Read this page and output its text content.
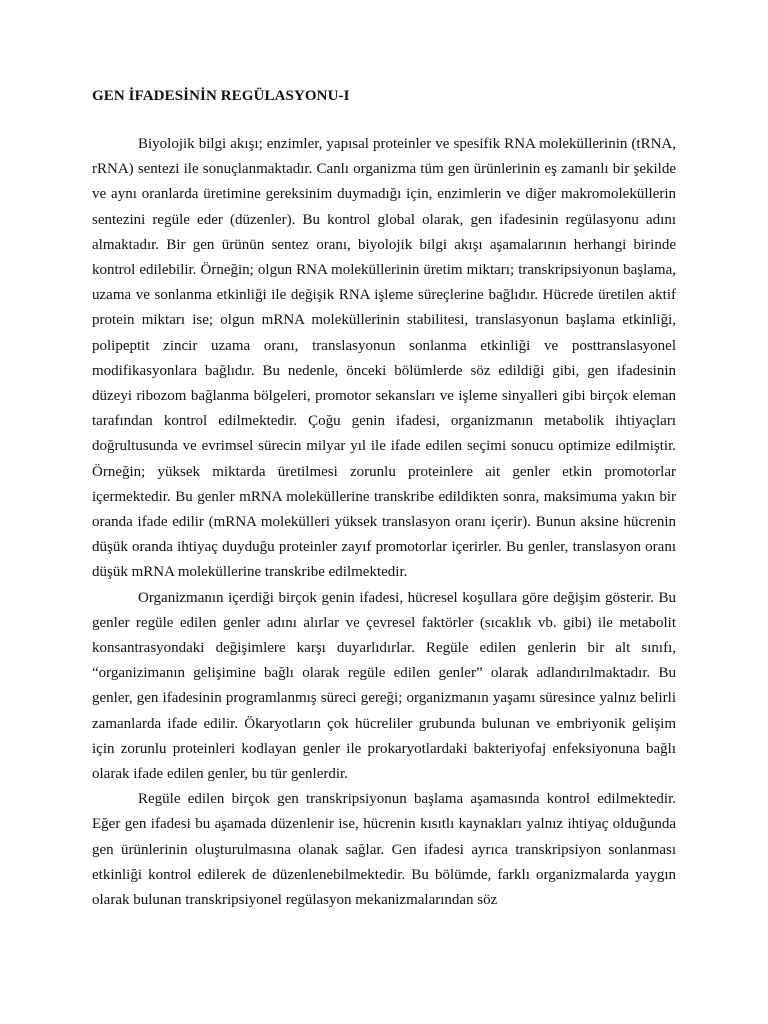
GEN İFADESİNİN REGÜLASYONU-I

Biyolojik bilgi akışı; enzimler, yapısal proteinler ve spesifik RNA moleküllerinin (tRNA, rRNA) sentezi ile sonuçlanmaktadır. Canlı organizma tüm gen ürünlerinin eş zamanlı bir şekilde ve aynı oranlarda üretimine gereksinim duymadığı için, enzimlerin ve diğer makromoleküllerin sentezini regüle eder (düzenler). Bu kontrol global olarak, gen ifadesinin regülasyonu adını almaktadır. Bir gen ürünün sentez oranı, biyolojik bilgi akışı aşamalarının herhangi birinde kontrol edilebilir. Örneğin; olgun RNA moleküllerinin üretim miktarı; transkripsiyonun başlama, uzama ve sonlanma etkinliği ile değişik RNA işleme süreçlerine bağlıdır. Hücrede üretilen aktif protein miktarı ise; olgun mRNA moleküllerinin stabilitesi, translasyonun başlama etkinliği, polipeptit zincir uzama oranı, translasyonun sonlanma etkinliği ve posttranslasyonel modifikasyonlara bağlıdır. Bu nedenle, önceki bölümlerde söz edildiği gibi, gen ifadesinin düzeyi ribozom bağlanma bölgeleri, promotor sekansları ve işleme sinyalleri gibi birçok eleman tarafından kontrol edilmektedir. Çoğu genin ifadesi, organizmanın metabolik ihtiyaçları doğrultusunda ve evrimsel sürecin milyar yıl ile ifade edilen seçimi sonucu optimize edilmiştir. Örneğin; yüksek miktarda üretilmesi zorunlu proteinlere ait genler etkin promotorlar içermektedir. Bu genler mRNA moleküllerine transkribe edildikten sonra, maksimuma yakın bir oranda ifade edilir (mRNA molekülleri yüksek translasyon oranı içerir). Bunun aksine hücrenin düşük oranda ihtiyaç duyduğu proteinler zayıf promotorlar içerirler. Bu genler, translasyon oranı düşük mRNA moleküllerine transkribe edilmektedir.

Organizmanın içerdiği birçok genin ifadesi, hücresel koşullara göre değişim gösterir. Bu genler regüle edilen genler adını alırlar ve çevresel faktörler (sıcaklık vb. gibi) ile metabolit konsantrasyondaki değişimlere karşı duyarlıdırlar. Regüle edilen genlerin bir alt sınıfı, “organizimanın gelişimine bağlı olarak regüle edilen genler” olarak adlandırılmaktadır. Bu genler, gen ifadesinin programlanmış süreci gereği; organizmanın yaşamı süresince yalnız belirli zamanlarda ifade edilir. Ökaryotların çok hücreliler grubunda bulunan ve embriyonik gelişim için zorunlu proteinleri kodlayan genler ile prokaryotlardaki bakteriyofaj enfeksiyonuna bağlı olarak ifade edilen genler, bu tür genlerdir.

Regüle edilen birçok gen transkripsiyonun başlama aşamasında kontrol edilmektedir. Eğer gen ifadesi bu aşamada düzenlenir ise, hücrenin kısıtlı kaynakları yalnız ihtiyaç olduğunda gen ürünlerinin oluşturulmasına olanak sağlar. Gen ifadesi ayrıca transkripsiyon sonlanması etkinliği kontrol edilerek de düzenlenebilmektedir. Bu bölümde, farklı organizmalarda yaygın olarak bulunan transkripsiyonel regülasyon mekanizmalarından söz
